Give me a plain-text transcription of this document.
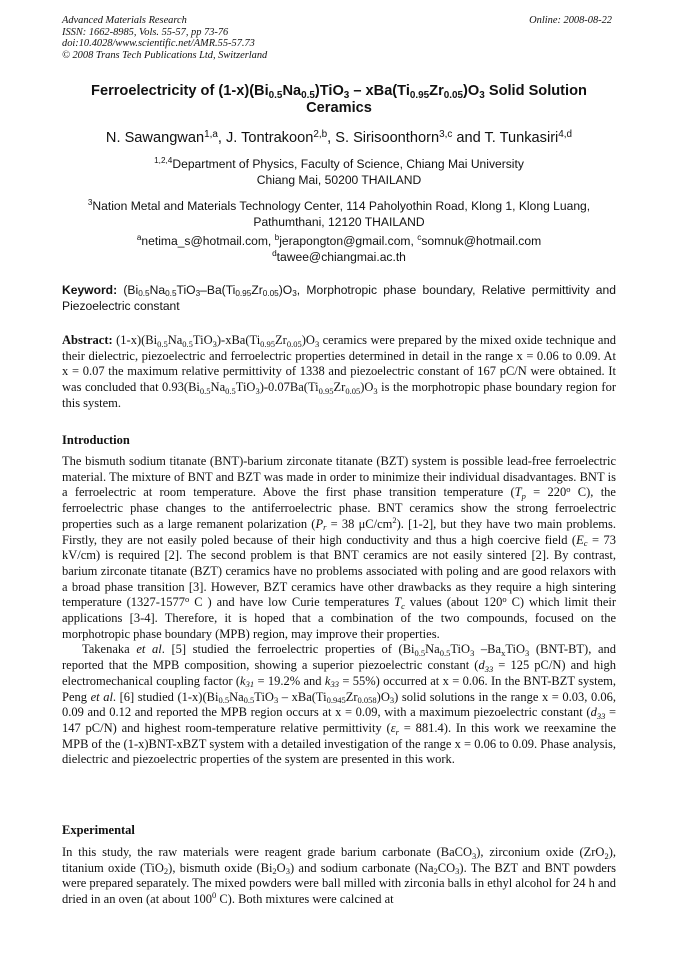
Advanced Materials Research
ISSN: 1662-8985, Vols. 55-57, pp 73-76
doi:10.4028/www.scientific.net/AMR.55-57.73
© 2008 Trans Tech Publications Ltd, Switzerland
Online: 2008-08-22
Ferroelectricity of $(1-x)(Bi_{0.5}Na_{0.5})TiO_3 - xBa(Ti_{0.95}Zr_{0.05})O_3$ Solid Solution Ceramics
N. Sawangwan$^{1,a}$, J. Tontrakoon$^{2,b}$, S. Sirisoonthorn$^{3,c}$ and T. Tunkasiri$^{4,d}$
$^{1,2,4}$Department of Physics, Faculty of Science, Chiang Mai University
Chiang Mai, 50200 THAILAND
$^3$Nation Metal and Materials Technology Center, 114 Paholyothin Road, Klong 1, Klong Luang,
Pathumthani, 12120 THAILAND
$^a$netima_s@hotmail.com, $^b$jerapongton@gmail.com, $^c$somnuk@hotmail.com
$^d$tawee@chiangmai.ac.th
Keyword: ($Bi_{0.5}Na_{0.5}TiO_3-Ba(Ti_{0.95}Zr_{0.05})O_3$, Morphotropic phase boundary, Relative permittivity and Piezoelectric constant
Abstract: $(1-x)(Bi_{0.5}Na_{0.5}TiO_3)-xBa(Ti_{0.95}Zr_{0.05})O_3$ ceramics were prepared by the mixed oxide technique and their dielectric, piezoelectric and ferroelectric properties determined in detail in the range x = 0.06 to 0.09. At x = 0.07 the maximum relative permittivity of 1338 and piezoelectric constant of 167 pC/N were obtained. It was concluded that $0.93(Bi_{0.5}Na_{0.5}TiO_3)-0.07Ba(Ti_{0.95}Zr_{0.05})O_3$ is the morphotropic phase boundary region for this system.
Introduction

The bismuth sodium titanate (BNT)-barium zirconate titanate (BZT) system is possible lead-free ferroelectric material. The mixture of BNT and BZT was made in order to minimize their individual disadvantages. BNT is a ferroelectric at room temperature. Above the first phase transition temperature ($T_p = 220^o$ C), the ferroelectric phase changes to the antiferroelectric phase. BNT ceramics show the strong ferroelectric properties such as a large remanent polarization ($P_r = 38$ $\mu C/cm^2$). [1-2], but they have two main problems. Firstly, they are not easily poled because of their high conductivity and thus a high coercive field ($E_c = 73$ kV/cm) is required [2]. The second problem is that BNT ceramics are not easily sintered [2]. By contrast, barium zirconate titanate (BZT) ceramics have no problems associated with poling and are good relaxors with a broad phase transition [3]. However, BZT ceramics have other drawbacks as they require a high sintering temperature (1327-1577$^o$ C ) and have low Curie temperatures $T_c$ values (about 120$^o$ C) which limit their applications [3-4]. Therefore, it is hoped that a combination of the two compounds, focused on the morphotropic phase boundary (MPB) region, may improve their properties.

Takenaka et al. [5] studied the ferroelectric properties of ($Bi_{0.5}Na_{0.5}TiO_3$ $-Ba_xTiO_3$ (BNT-BT), and reported that the MPB composition, showing a superior piezoelectric constant ($d_{33} = 125$ pC/N) and high electromechanical coupling factor ($k_{31} = 19.2\%$ and $k_{33} = 55\%$) occurred at x = 0.06. In the BNT-BZT system, Peng et al. [6] studied $(1-x)(Bi_{0.5}Na_{0.5}TiO_3 - xBa(Ti_{0.945}Zr_{0.058})O_3)$ solid solutions in the range x = 0.03, 0.06, 0.09 and 0.12 and reported the MPB region occurs at x = 0.09, with a maximum piezoelectric constant ($d_{33} = 147$ pC/N) and highest room-temperature relative permittivity $(\varepsilon_r = 881.4)$. In this work we reexamine the MPB of the (1-x)BNT-xBZT system with a detailed investigation of the range x = 0.06 to 0.09. Phase analysis, dielectric and piezoelectric properties of the system are presented in this work.

Experimental

In this study, the raw materials were reagent grade barium carbonate (BaCO$_3$), zirconium oxide (ZrO$_2$), titanium oxide (TiO$_2$), bismuth oxide $(Bi_2O_3)$ and sodium carbonate $(Na_2CO_3)$. The BZT and BNT powders were prepared separately. The mixed powders were ball milled with zirconia balls in ethyl alcohol for 24 h and dried in an oven (at about $100^0$ C). Both mixtures were calcined at
